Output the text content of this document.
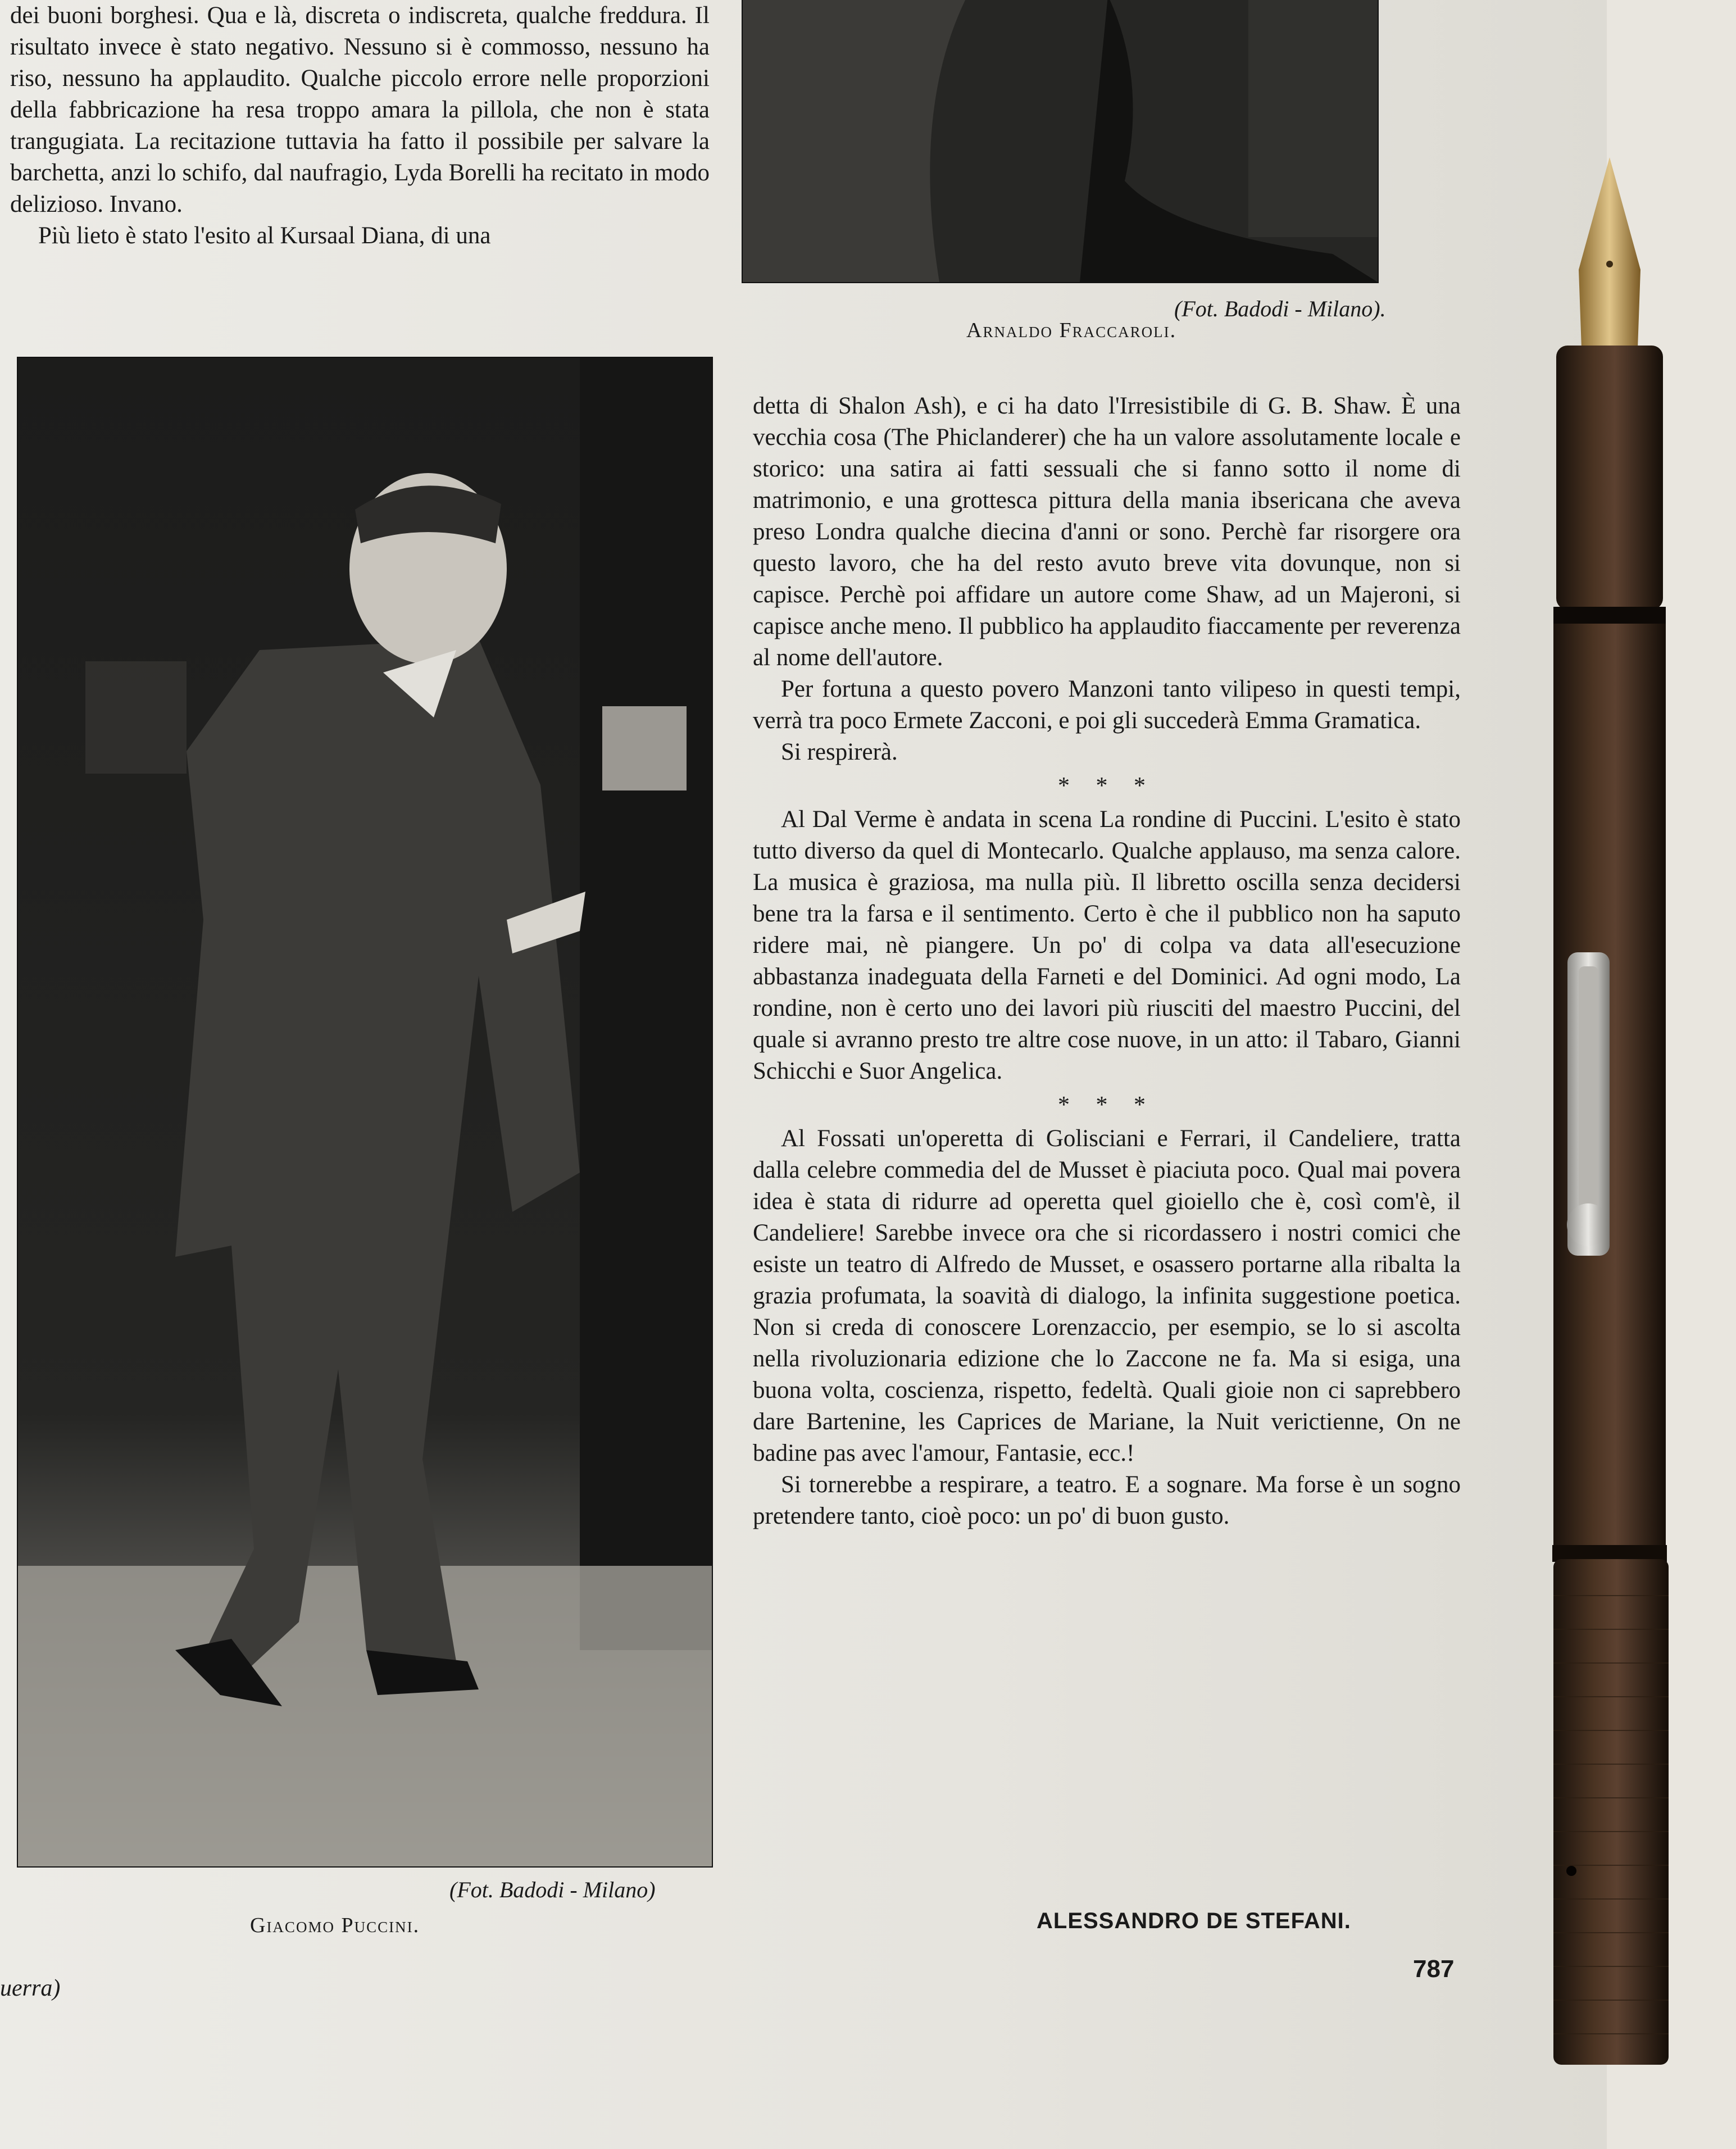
dei buoni borghesi. Qua e là, discreta o indiscreta, qualche freddura. Il risultato invece è stato negativo. Nessuno si è commosso, nessuno ha riso, nessuno ha applaudito. Qualche piccolo errore nelle proporzioni della fabbricazione ha resa troppo amara la pillola, che non è stata trangugiata. La recitazione tuttavia ha fatto il possibile per salvare la barchetta, anzi lo schifo, dal naufragio, Lyda Borelli ha recitato in modo delizioso. Invano.

Più lieto è stato l'esito al Kursaal Diana, di una

(Fot. Badodi - Milano).
Arnaldo Fraccaroli.
(Fot. Badodi - Milano)
Giacomo Puccini.

detta di Shalon Ash), e ci ha dato l'Irresistibile di G. B. Shaw. È una vecchia cosa (The Phiclanderer) che ha un valore assolutamente locale e storico: una satira ai fatti sessuali che si fanno sotto il nome di matrimonio, e una grottesca pittura della mania ibsericana che aveva preso Londra qualche diecina d'anni or sono. Perchè far risorgere ora questo lavoro, che ha del resto avuto breve vita dovunque, non si capisce. Perchè poi affidare un autore come Shaw, ad un Majeroni, si capisce anche meno. Il pubblico ha applaudito fiaccamente per reverenza al nome dell'autore.

Per fortuna a questo povero Manzoni tanto vilipeso in questi tempi, verrà tra poco Ermete Zacconi, e poi gli succederà Emma Gramatica.

Si respirerà.

* * *

Al Dal Verme è andata in scena La rondine di Puccini. L'esito è stato tutto diverso da quel di Montecarlo. Qualche applauso, ma senza calore. La musica è graziosa, ma nulla più. Il libretto oscilla senza decidersi bene tra la farsa e il sentimento. Certo è che il pubblico non ha saputo ridere mai, nè piangere. Un po' di colpa va data all'esecuzione abbastanza inadeguata della Farneti e del Dominici. Ad ogni modo, La rondine, non è certo uno dei lavori più riusciti del maestro Puccini, del quale si avranno presto tre altre cose nuove, in un atto: il Tabaro, Gianni Schicchi e Suor Angelica.

* * *

Al Fossati un'operetta di Golisciani e Ferrari, il Candeliere, tratta dalla celebre commedia del de Musset è piaciuta poco. Qual mai povera idea è stata di ridurre ad operetta quel gioiello che è, così com'è, il Candeliere! Sarebbe invece ora che si ricordassero i nostri comici che esiste un teatro di Alfredo de Musset, e osassero portarne alla ribalta la grazia profumata, la soavità di dialogo, la infinita suggestione poetica. Non si creda di conoscere Lorenzaccio, per esempio, se lo si ascolta nella rivoluzionaria edizione che lo Zaccone ne fa. Ma si esiga, una buona volta, coscienza, rispetto, fedeltà. Quali gioie non ci saprebbero dare Bartenine, les Caprices de Mariane, la Nuit verictienne, On ne badine pas avec l'amour, Fantasie, ecc.!

Si tornerebbe a respirare, a teatro. E a sognare. Ma forse è un sogno pretendere tanto, cioè poco: un po' di buon gusto.

ALESSANDRO DE STEFANI.
787
uerra)
